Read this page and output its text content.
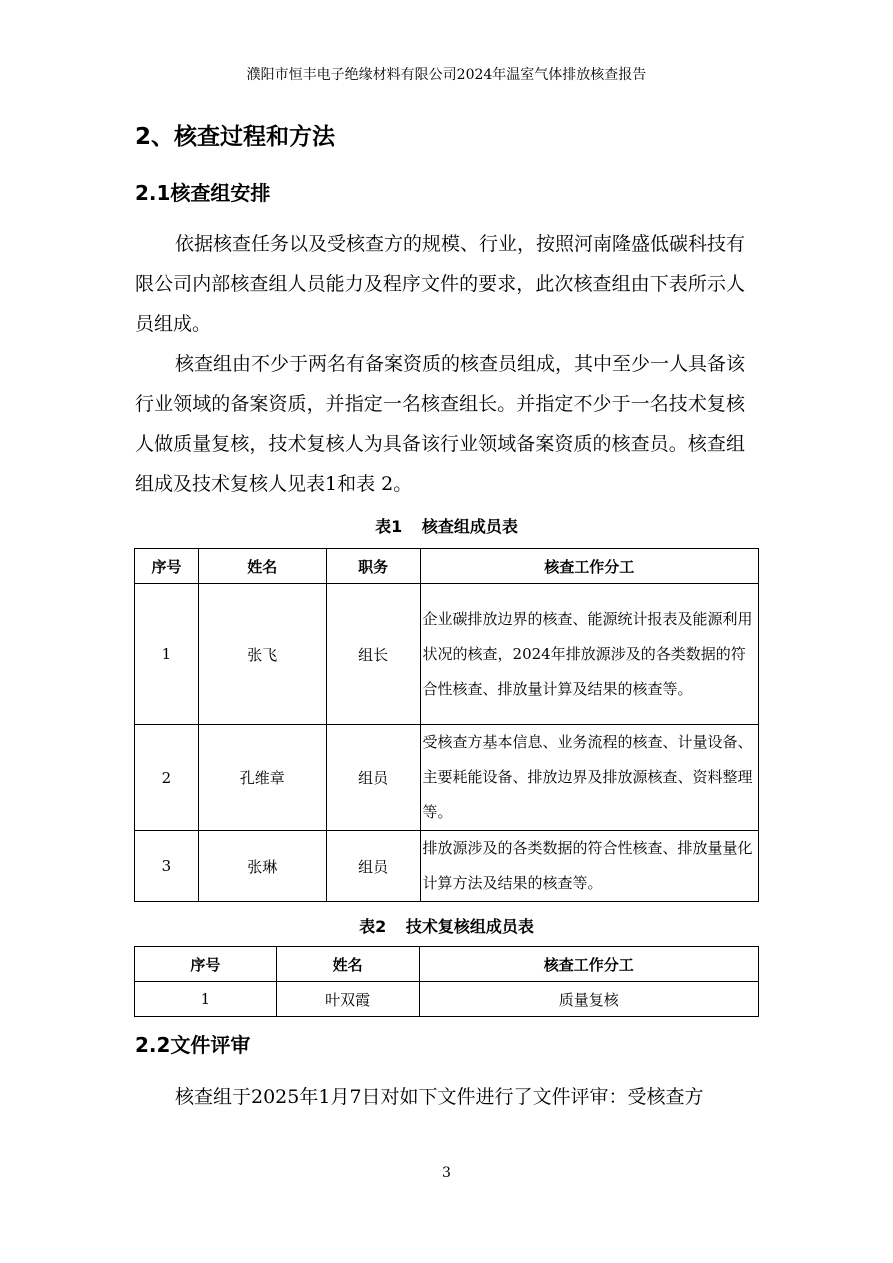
濮阳市恒丰电子绝缘材料有限公司2024年温室气体排放核查报告
2、核查过程和方法
2.1核查组安排

依据核查任务以及受核查方的规模、行业，按照河南隆盛低碳科技有限公司内部核查组人员能力及程序文件的要求，此次核查组由下表所示人员组成。

核查组由不少于两名有备案资质的核查员组成，其中至少一人具备该行业领域的备案资质，并指定一名核查组长。并指定不少于一名技术复核人做质量复核，技术复核人为具备该行业领域备案资质的核查员。核查组组成及技术复核人见表1和表 2。

表1 核查组成员表
序号	姓名	职务	核查工作分工
1	张飞	组长	企业碳排放边界的核查、能源统计报表及能源利用状况的核查，2024年排放源涉及的各类数据的符合性核查、排放量计算及结果的核查等。
2	孔维章	组员	受核查方基本信息、业务流程的核查、计量设备、主要耗能设备、排放边界及排放源核查、资料整理等。
3	张琳	组员	排放源涉及的各类数据的符合性核查、排放量量化计算方法及结果的核查等。
表2 技术复核组成员表
序号	姓名	核查工作分工
1	叶双霞	质量复核
2.2文件评审

核查组于2025年1月7日对如下文件进行了文件评审：受核查方

3
